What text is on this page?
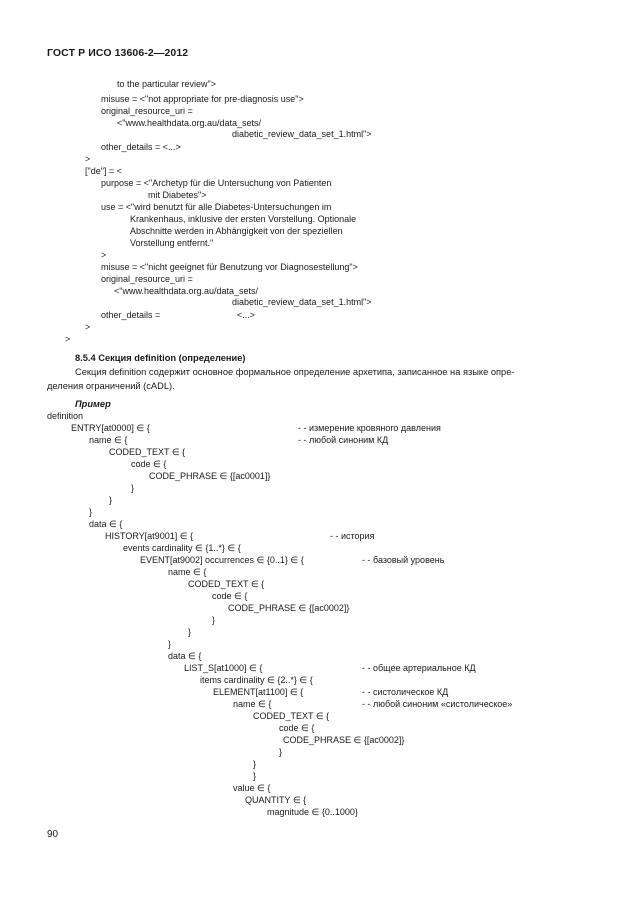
ГОСТ Р ИСО 13606-2—2012
to the particular review">
misuse = <"not appropriate for pre-diagnosis use">
original_resource_uri =
<"www.healthdata.org.au/data_sets/
diabetic_review_data_set_1.html">
other_details = <...>
>
["de"] = <
purpose = <"Archetyp für die Untersuchung von Patienten
mit Diabetes">
use = <"wird benutzt für alle Diabetes-Untersuchungen im
Krankenhaus, inklusive der ersten Vorstellung. Optionale
Abschnitte werden in Abhängigkeit von der speziellen
Vorstellung entfernt."
>
misuse = <"nicht geeignet für Benutzung vor Diagnosestellung">
original_resource_uri =
<"www.healthdata.org.au/data_sets/
diabetic_review_data_set_1.html">
other_details =	<...>
>
>
8.5.4 Секция definition (определение)
Секция definition содержит основное формальное определение архетипа, записанное на языке опре-
деления ограничений (cADL).
Пример
definition
ENTRY[at0000] ∈ {
name ∈ {
CODED_TEXT ∈ {
code ∈ {
CODE_PHRASE ∈ {[ac0001]}
}
}
}
data ∈ {
HISTORY[at9001] ∈ {
events cardinality ∈ {1..*} ∈ {
EVENT[at9002] occurrences ∈ {0..1} ∈ {
name ∈ {
CODED_TEXT ∈ {
code ∈ {
CODE_PHRASE ∈ {[ac0002]}
}
}
}
data ∈ {
LIST_S[at1000] ∈ {
items cardinality ∈ {2..*} ∈ {
ELEMENT[at1100] ∈ {
name ∈ {
CODED_TEXT ∈ {
code ∈ {
CODE_PHRASE ∈ {[ac0002]}
}
}
}
value ∈ {
QUANTITY ∈ {
magnitude ∈ {0..1000}
- - измерение кровяного давления
- - любой синоним КД
- - история
- - базовый уровень
- - общее артериальное КД
- - систолическое КД
- - любой синоним «систолическое»
90
